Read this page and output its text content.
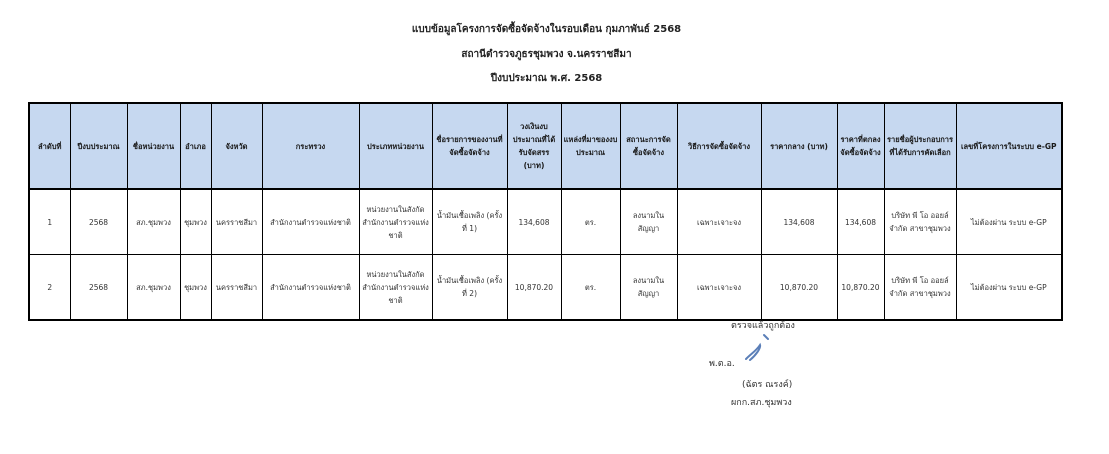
แบบข้อมูลโครงการจัดซื้อจัดจ้างในรอบเดือน กุมภาพันธ์ 2568
สถานีตำรวจภูธรชุมพวง จ.นครราชสีมา
ปีงบประมาณ พ.ศ. 2568
ลำดับที่	ปีงบประมาณ	ชื่อหน่วยงาน	อำเภอ	จังหวัด	กระทรวง	ประเภทหน่วยงาน	ชื่อรายการของงานที่จัดซื้อจัดจ้าง	วงเงินงบประมาณที่ได้รับจัดสรร (บาท)	แหล่งที่มาของงบประมาณ	สถานะการจัดซื้อจัดจ้าง	วิธีการจัดซื้อจัดจ้าง	ราคากลาง (บาท)	ราคาที่ตกลงจัดซื้อจัดจ้าง	รายชื่อผู้ประกอบการที่ได้รับการคัดเลือก	เลขที่โครงการในระบบ e-GP
1	2568	สภ.ชุมพวง	ชุมพวง	นครราชสีมา	สำนักงานตำรวจแห่งชาติ	หน่วยงานในสังกัดสำนักงานตำรวจแห่งชาติ	น้ำมันเชื้อเพลิง (ครั้งที่ 1)	134,608	ตร.	ลงนามในสัญญา	เฉพาะเจาะจง	134,608	134,608	บริษัท พี โอ ออยล์ จำกัด สาขาชุมพวง	ไม่ต้องผ่าน ระบบ e-GP
2	2568	สภ.ชุมพวง	ชุมพวง	นครราชสีมา	สำนักงานตำรวจแห่งชาติ	หน่วยงานในสังกัดสำนักงานตำรวจแห่งชาติ	น้ำมันเชื้อเพลิง (ครั้งที่ 2)	10,870.20	ตร.	ลงนามในสัญญา	เฉพาะเจาะจง	10,870.20	10,870.20	บริษัท พี โอ ออยล์ จำกัด สาขาชุมพวง	ไม่ต้องผ่าน ระบบ e-GP
ตรวจแล้วถูกต้อง
พ.ต.อ.
(ฉัตร ณรงค์)
ผกก.สภ.ชุมพวง
